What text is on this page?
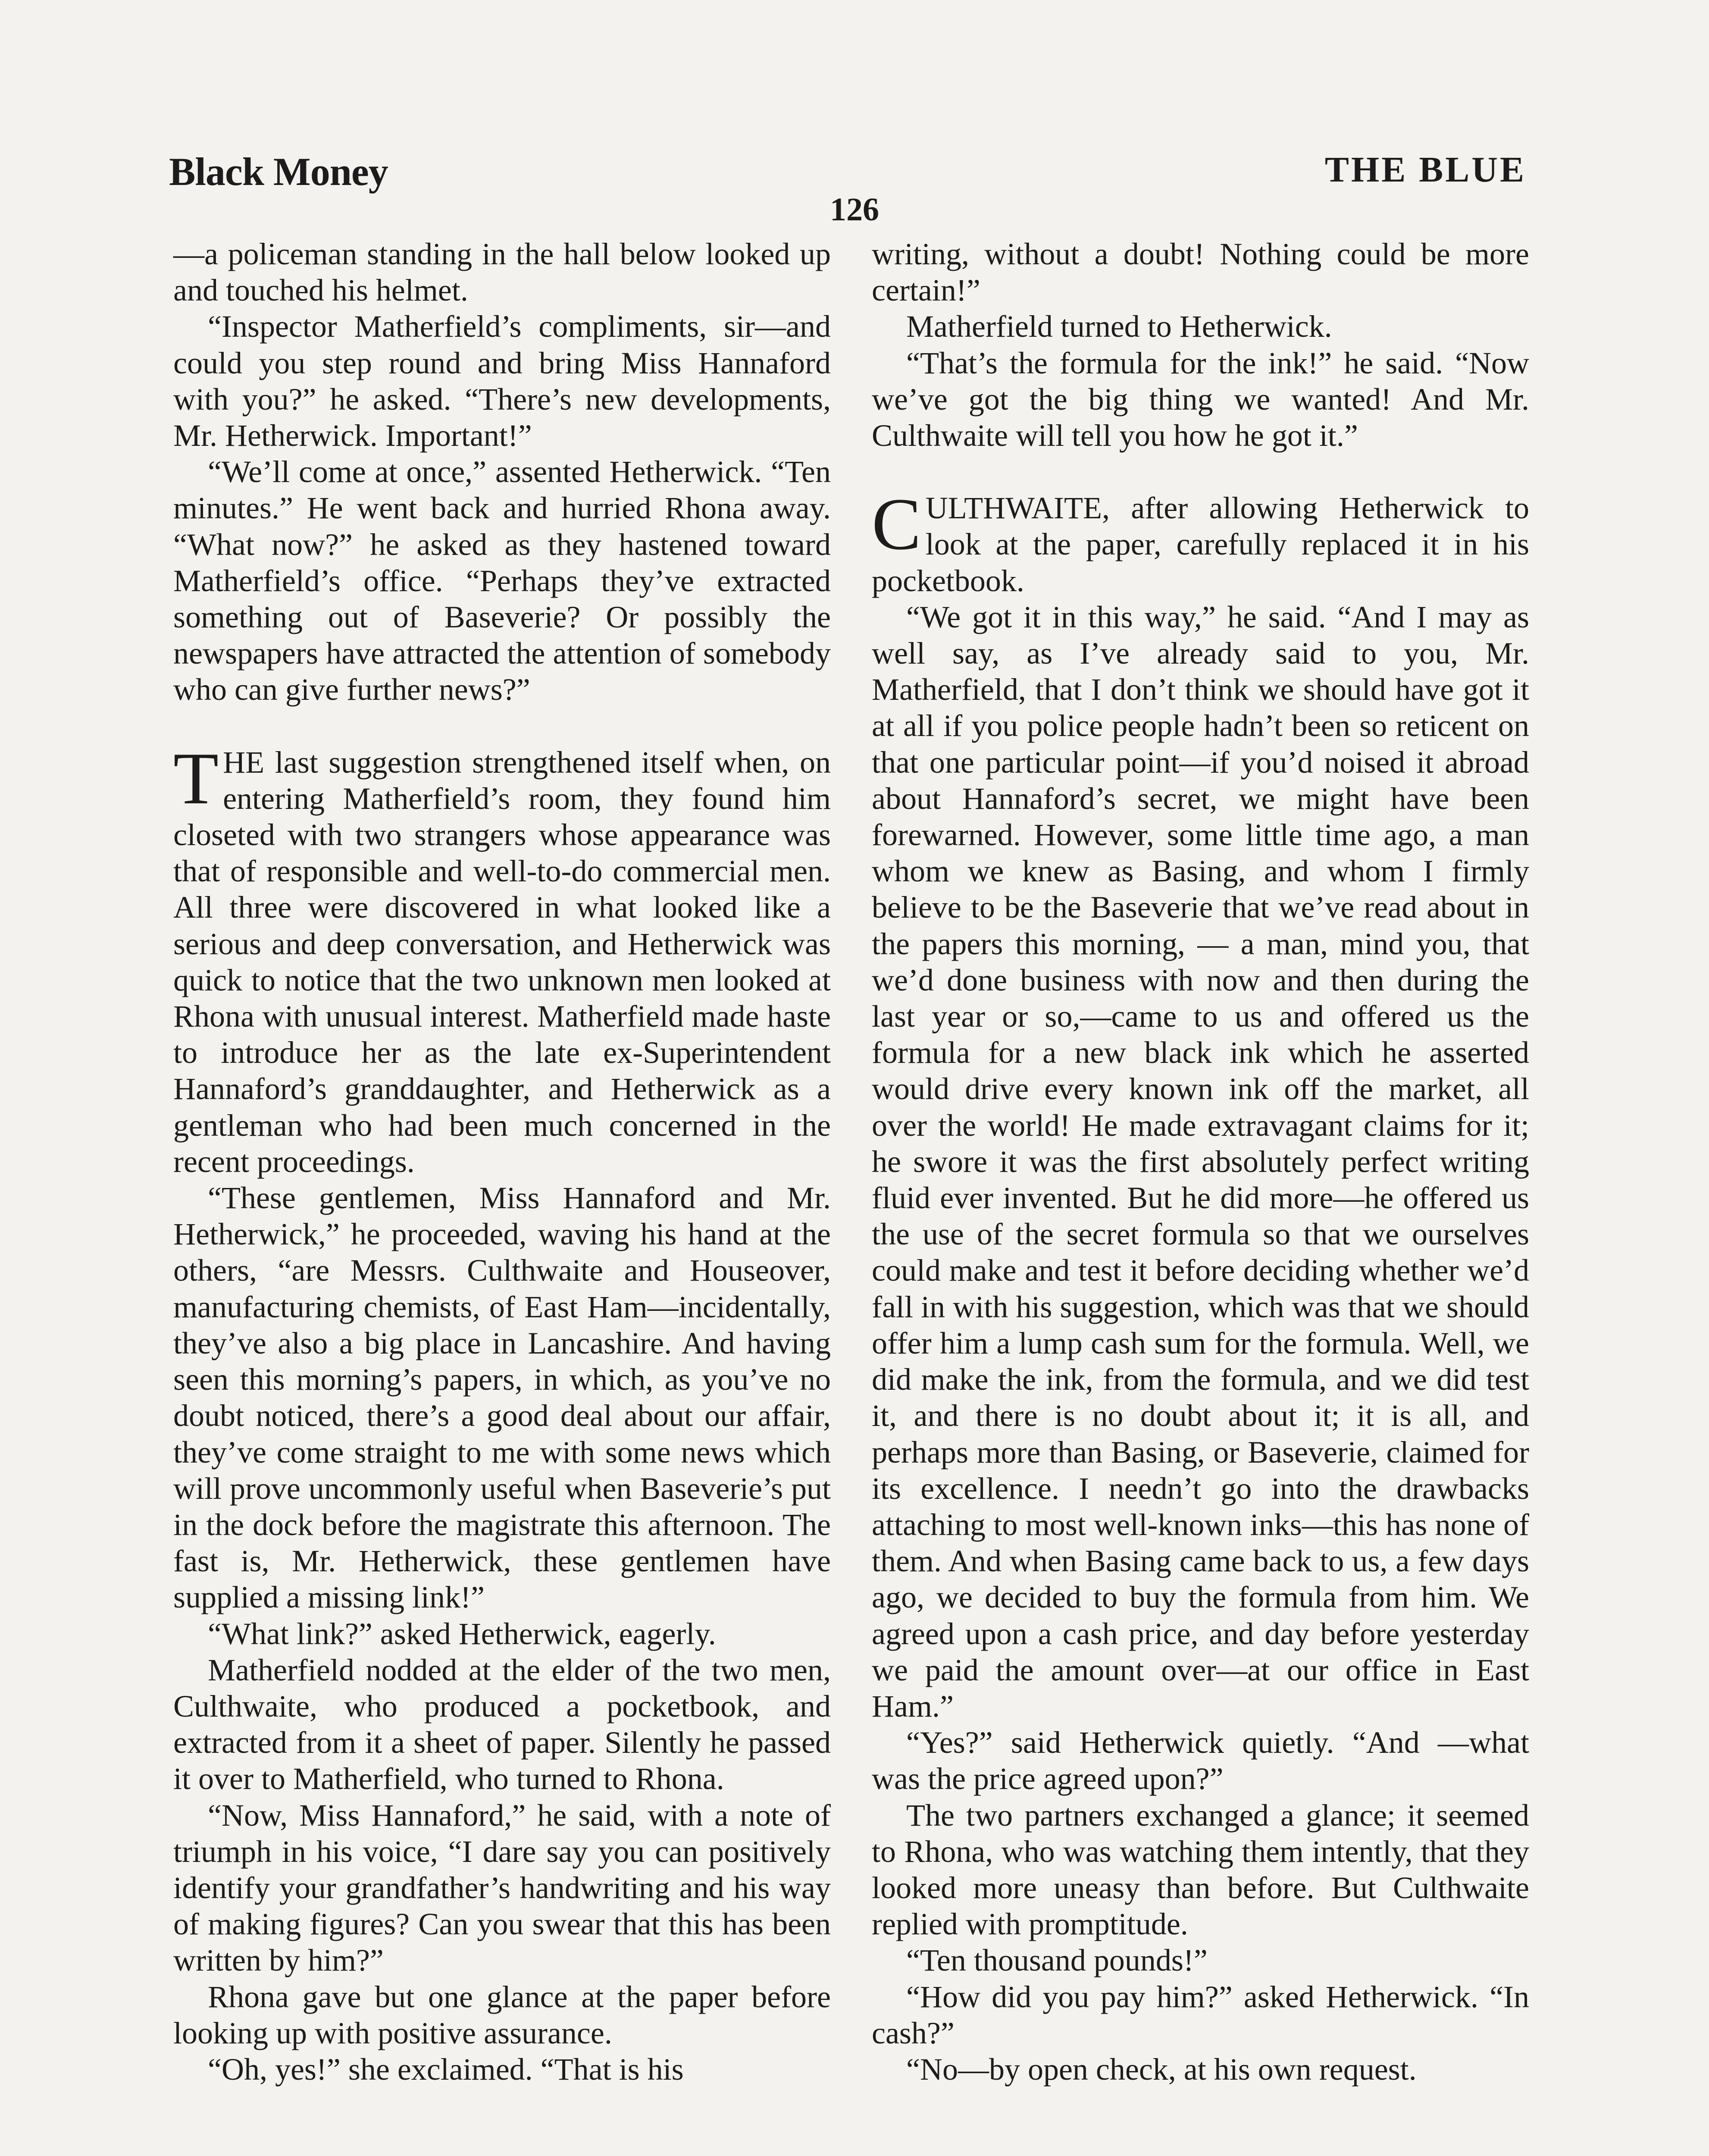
Black Money	THE BLUE
126

—a policeman standing in the hall below looked up and touched his helmet.

“Inspector Matherfield’s compliments, sir—and could you step round and bring Miss Hannaford with you?” he asked. “There’s new developments, Mr. Hetherwick. Important!”

“We’ll come at once,” assented Hetherwick. “Ten minutes.” He went back and hurried Rhona away. “What now?” he asked as they hastened toward Matherfield’s office. “Perhaps they’ve extracted something out of Baseverie? Or possibly the newspapers have attracted the attention of somebody who can give further news?”

THE last suggestion strengthened itself when, on entering Matherfield’s room, they found him closeted with two strangers whose appearance was that of responsible and well-to-do commercial men. All three were discovered in what looked like a serious and deep conversation, and Hetherwick was quick to notice that the two unknown men looked at Rhona with unusual interest. Matherfield made haste to introduce her as the late ex-Superintendent Hannaford’s granddaughter, and Hetherwick as a gentleman who had been much concerned in the recent proceedings.

“These gentlemen, Miss Hannaford and Mr. Hetherwick,” he proceeded, waving his hand at the others, “are Messrs. Culthwaite and Houseover, manufacturing chemists, of East Ham—incidentally, they’ve also a big place in Lancashire. And having seen this morning’s papers, in which, as you’ve no doubt noticed, there’s a good deal about our affair, they’ve come straight to me with some news which will prove uncommonly useful when Baseverie’s put in the dock before the magistrate this afternoon. The fast is, Mr. Hetherwick, these gentlemen have supplied a missing link!”

“What link?” asked Hetherwick, eagerly.

Matherfield nodded at the elder of the two men, Culthwaite, who produced a pocketbook, and extracted from it a sheet of paper. Silently he passed it over to Matherfield, who turned to Rhona.

“Now, Miss Hannaford,” he said, with a note of triumph in his voice, “I dare say you can positively identify your grandfather’s handwriting and his way of making figures? Can you swear that this has been written by him?”

Rhona gave but one glance at the paper before looking up with positive assurance.

“Oh, yes!” she exclaimed. “That is his

writing, without a doubt! Nothing could be more certain!”

Matherfield turned to Hetherwick.

“That’s the formula for the ink!” he said. “Now we’ve got the big thing we wanted! And Mr. Culthwaite will tell you how he got it.”

CULTHWAITE, after allowing Hetherwick to look at the paper, carefully replaced it in his pocketbook.

“We got it in this way,” he said. “And I may as well say, as I’ve already said to you, Mr. Matherfield, that I don’t think we should have got it at all if you police people hadn’t been so reticent on that one particular point—if you’d noised it abroad about Hannaford’s secret, we might have been forewarned. However, some little time ago, a man whom we knew as Basing, and whom I firmly believe to be the Baseverie that we’ve read about in the papers this morning, — a man, mind you, that we’d done business with now and then during the last year or so,—came to us and offered us the formula for a new black ink which he asserted would drive every known ink off the market, all over the world! He made extravagant claims for it; he swore it was the first absolutely perfect writing fluid ever invented. But he did more—he offered us the use of the secret formula so that we ourselves could make and test it before deciding whether we’d fall in with his suggestion, which was that we should offer him a lump cash sum for the formula. Well, we did make the ink, from the formula, and we did test it, and there is no doubt about it; it is all, and perhaps more than Basing, or Baseverie, claimed for its excellence. I needn’t go into the drawbacks attaching to most well-known inks—this has none of them. And when Basing came back to us, a few days ago, we decided to buy the formula from him. We agreed upon a cash price, and day before yesterday we paid the amount over—at our office in East Ham.”

“Yes?” said Hetherwick quietly. “And —what was the price agreed upon?”

The two partners exchanged a glance; it seemed to Rhona, who was watching them intently, that they looked more uneasy than before. But Culthwaite replied with promptitude.

“Ten thousand pounds!”

“How did you pay him?” asked Hetherwick. “In cash?”

“No—by open check, at his own request.
